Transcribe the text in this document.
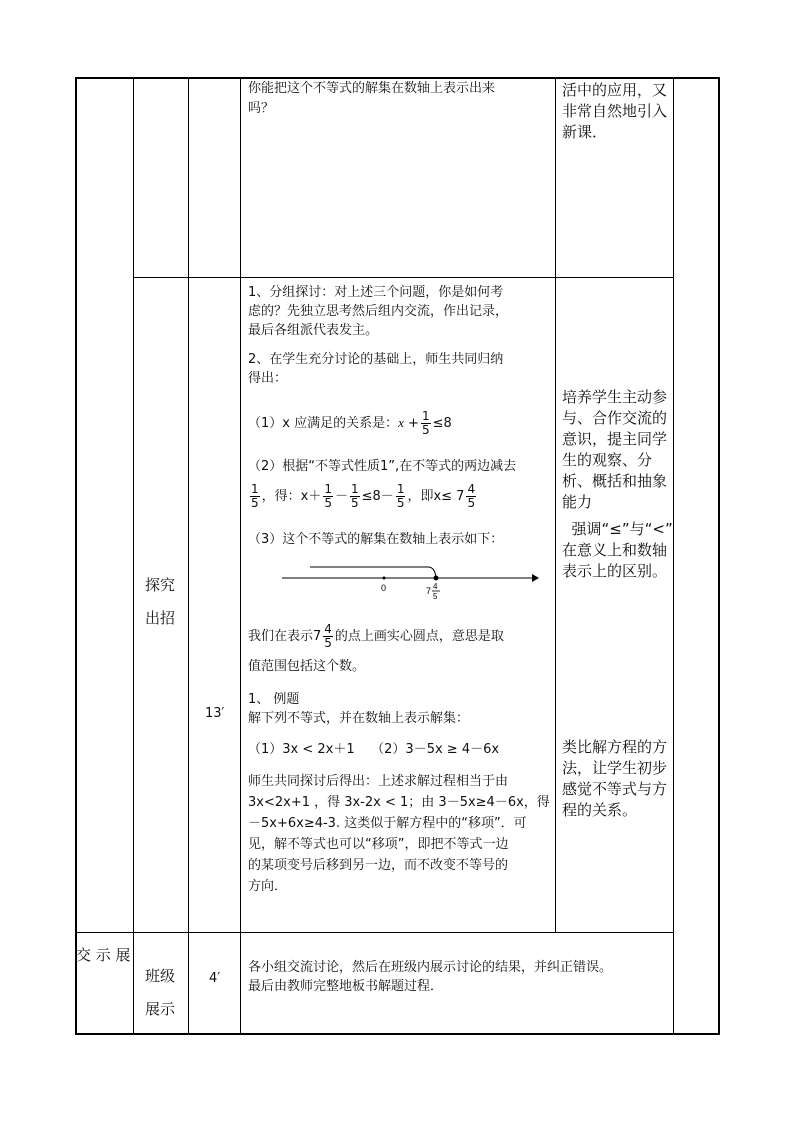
你能把这个不等式的解集在数轴上表示出来
吗？
活中的应用，又
非常自然地引入
新课．
探究
出招
13′
1、分组探讨：对上述三个问题，你是如何考
虑的？先独立思考然后组内交流，作出记录，
最后各组派代表发主。
2、在学生充分讨论的基础上，师生共同归纳
得出：
（1）x 应满足的关系是：$x + \frac{1}{5} \le 8$
（2）根据“不等式性质1”,在不等式的两边减去
$\frac{1}{5}$ ，得：$x+ \frac{1}{5} - \frac{1}{5} \le 8- \frac{1}{5}$ ，即$x\le 7 \frac{4}{5}$
（3）这个不等式的解集在数轴上表示如下：
0	7 4
5
我们在表示$7 \frac{4}{5}$ 的点上画实心圆点，意思是取
值范围包括这个数。
1、 例题
解下列不等式，并在数轴上表示解集：
（1）3x < 2x＋1    （2）3－5x ≥ 4－6x
师生共同探讨后得出：上述求解过程相当于由
3x<2x+1 ，得 3x-2x < 1；由 3－5x≥4－6x，得
－5x+6x≥4-3. 这类似于解方程中的“移项”．可
见，解不等式也可以“移项”，即把不等式一边
的某项变号后移到另一边，而不改变不等号的
方向．
培养学生主动参
与、合作交流的
意识，提主同学
生的观察、分
析、概括和抽象
能力
强调“≤”与“<”
在意义上和数轴
表示上的区别。
类比解方程的方
法，让学生初步
感觉不等式与方
程的关系。
交 示 展
班级
展示
4′
各小组交流讨论，然后在班级内展示讨论的结果，并纠正错误。
最后由教师完整地板书解题过程．
